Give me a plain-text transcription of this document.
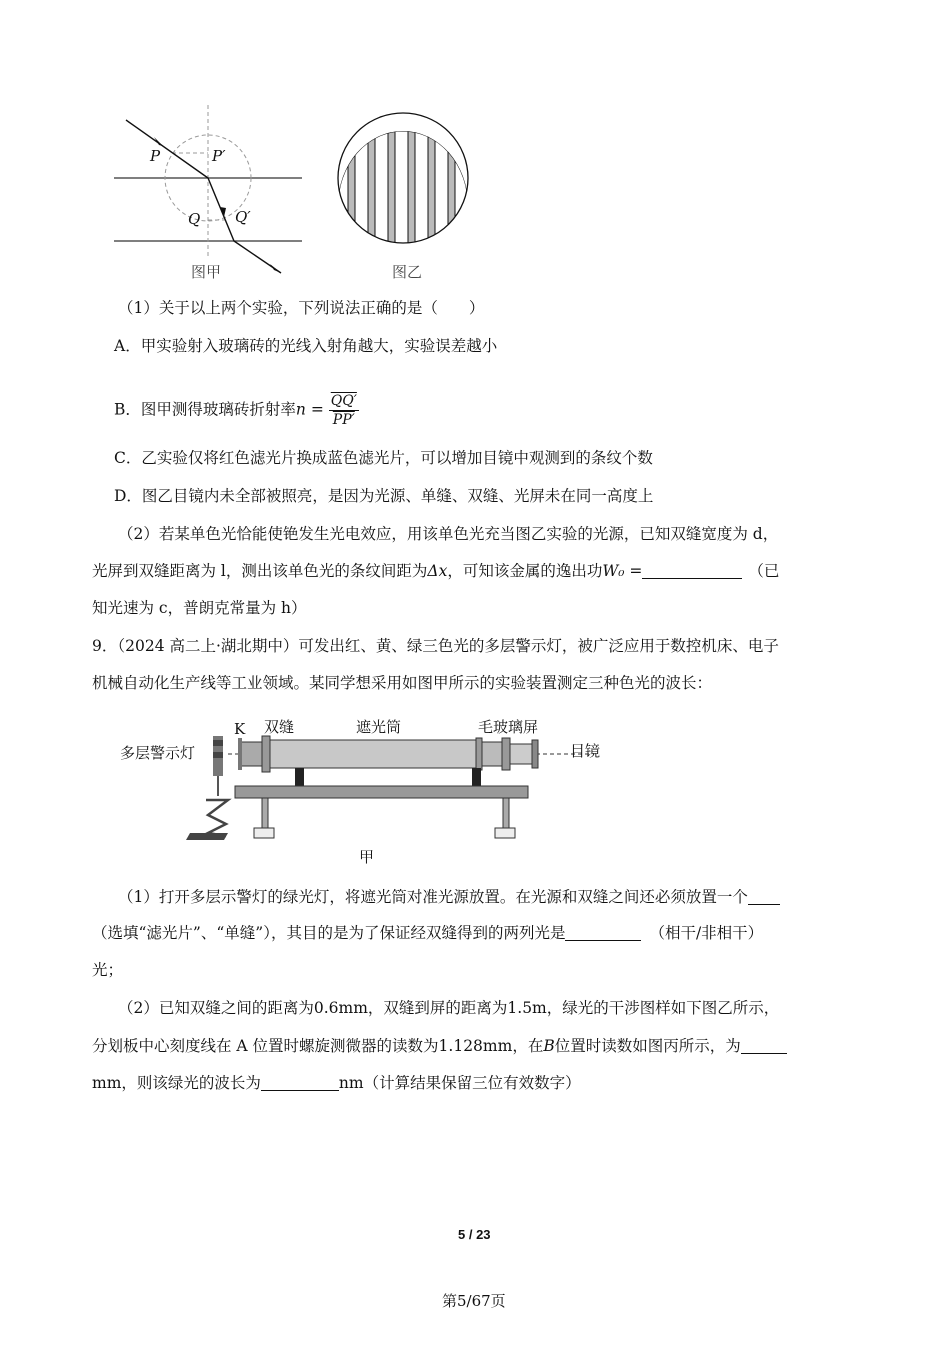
P	P′
Q Q′
图甲	图乙
（1）关于以上两个实验，下列说法正确的是（　　）
A．甲实验射入玻璃砖的光线入射角越大，实验误差越小
B．图甲测得玻璃砖折射率$n = \frac{QQ'}{PP'}$
C．乙实验仅将红色滤光片换成蓝色滤光片，可以增加目镜中观测到的条纹个数
D．图乙目镜内未全部被照亮，是因为光源、单缝、双缝、光屏未在同一高度上
（2）若某单色光恰能使铯发生光电效应，用该单色光充当图乙实验的光源，已知双缝宽度为 d，
光屏到双缝距离为 l，测出该单色光的条纹间距为Δx，可知该金属的逸出功W₀ =	（已
知光速为 c，普朗克常量为 h）
9．（2024 高二上·湖北期中）可发出红、黄、绿三色光的多层警示灯，被广泛应用于数控机床、电子
机械自动化生产线等工业领域。某同学想采用如图甲所示的实验装置测定三种色光的波长：
K 双缝	遮光筒	毛玻璃屏
多层警示灯	目镜
甲
（1）打开多层示警灯的绿光灯，将遮光筒对准光源放置。在光源和双缝之间还必须放置一个
（选填“滤光片”、“单缝”），其目的是为了保证经双缝得到的两列光是	（相干/非相干）
光；
（2）已知双缝之间的距离为0.6mm，双缝到屏的距离为1.5m，绿光的干涉图样如下图乙所示，
分划板中心刻度线在 A 位置时螺旋测微器的读数为1.128mm，在B位置时读数如图丙所示，为
mm，则该绿光的波长为	nm（计算结果保留三位有效数字）
5 / 23
第5/67页
